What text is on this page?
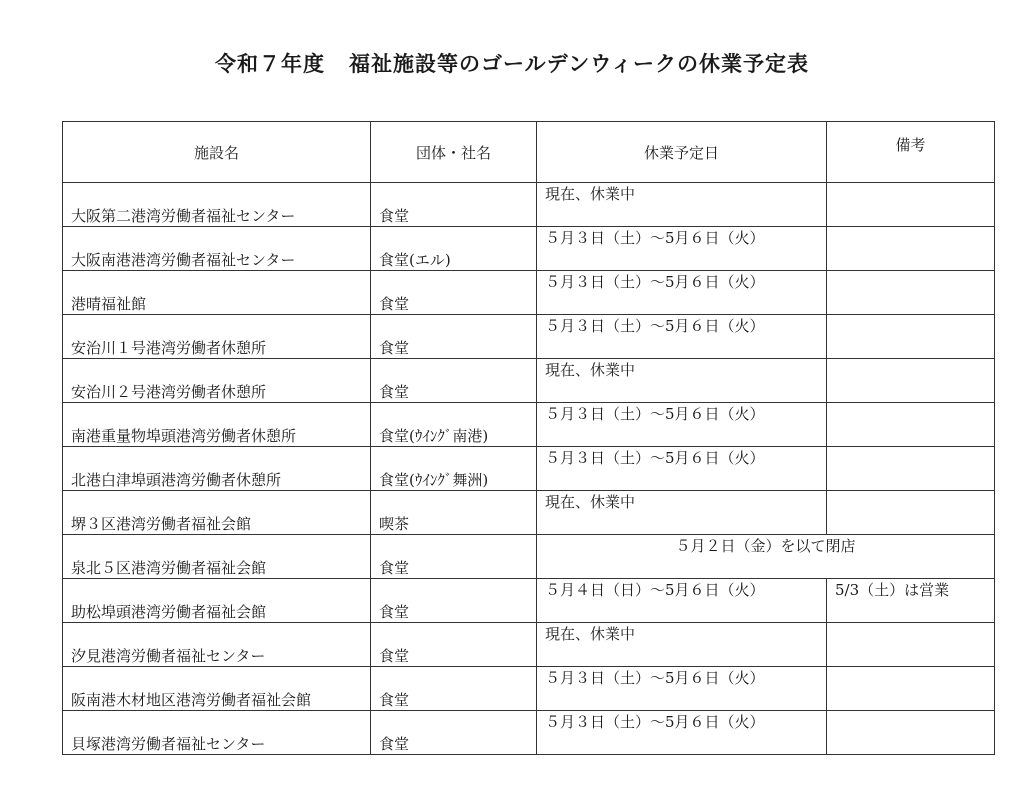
令和７年度 福祉施設等のゴールデンウィークの休業予定表
施設名	団体・社名	休業予定日	備考
大阪第二港湾労働者福祉センター	食堂	現在、休業中	
大阪南港港湾労働者福祉センター	食堂(エル)	５月３日（土）～5月６日（火）	
港晴福祉館	食堂	５月３日（土）～5月６日（火）	
安治川１号港湾労働者休憩所	食堂	５月３日（土）～5月６日（火）	
安治川２号港湾労働者休憩所	食堂	現在、休業中	
南港重量物埠頭港湾労働者休憩所	食堂(ｳｲﾝｸﾞ南港)	５月３日（土）～5月６日（火）	
北港白津埠頭港湾労働者休憩所	食堂(ｳｲﾝｸﾞ舞洲)	５月３日（土）～5月６日（火）	
堺３区港湾労働者福祉会館	喫茶	現在、休業中	
泉北５区港湾労働者福祉会館	食堂	５月２日（金）を以て閉店	
助松埠頭港湾労働者福祉会館	食堂	５月４日（日）～5月６日（火）	5/3（土）は営業
汐見港湾労働者福祉センター	食堂	現在、休業中	
阪南港木材地区港湾労働者福祉会館	食堂	５月３日（土）～5月６日（火）	
貝塚港湾労働者福祉センター	食堂	５月３日（土）～5月６日（火）	
